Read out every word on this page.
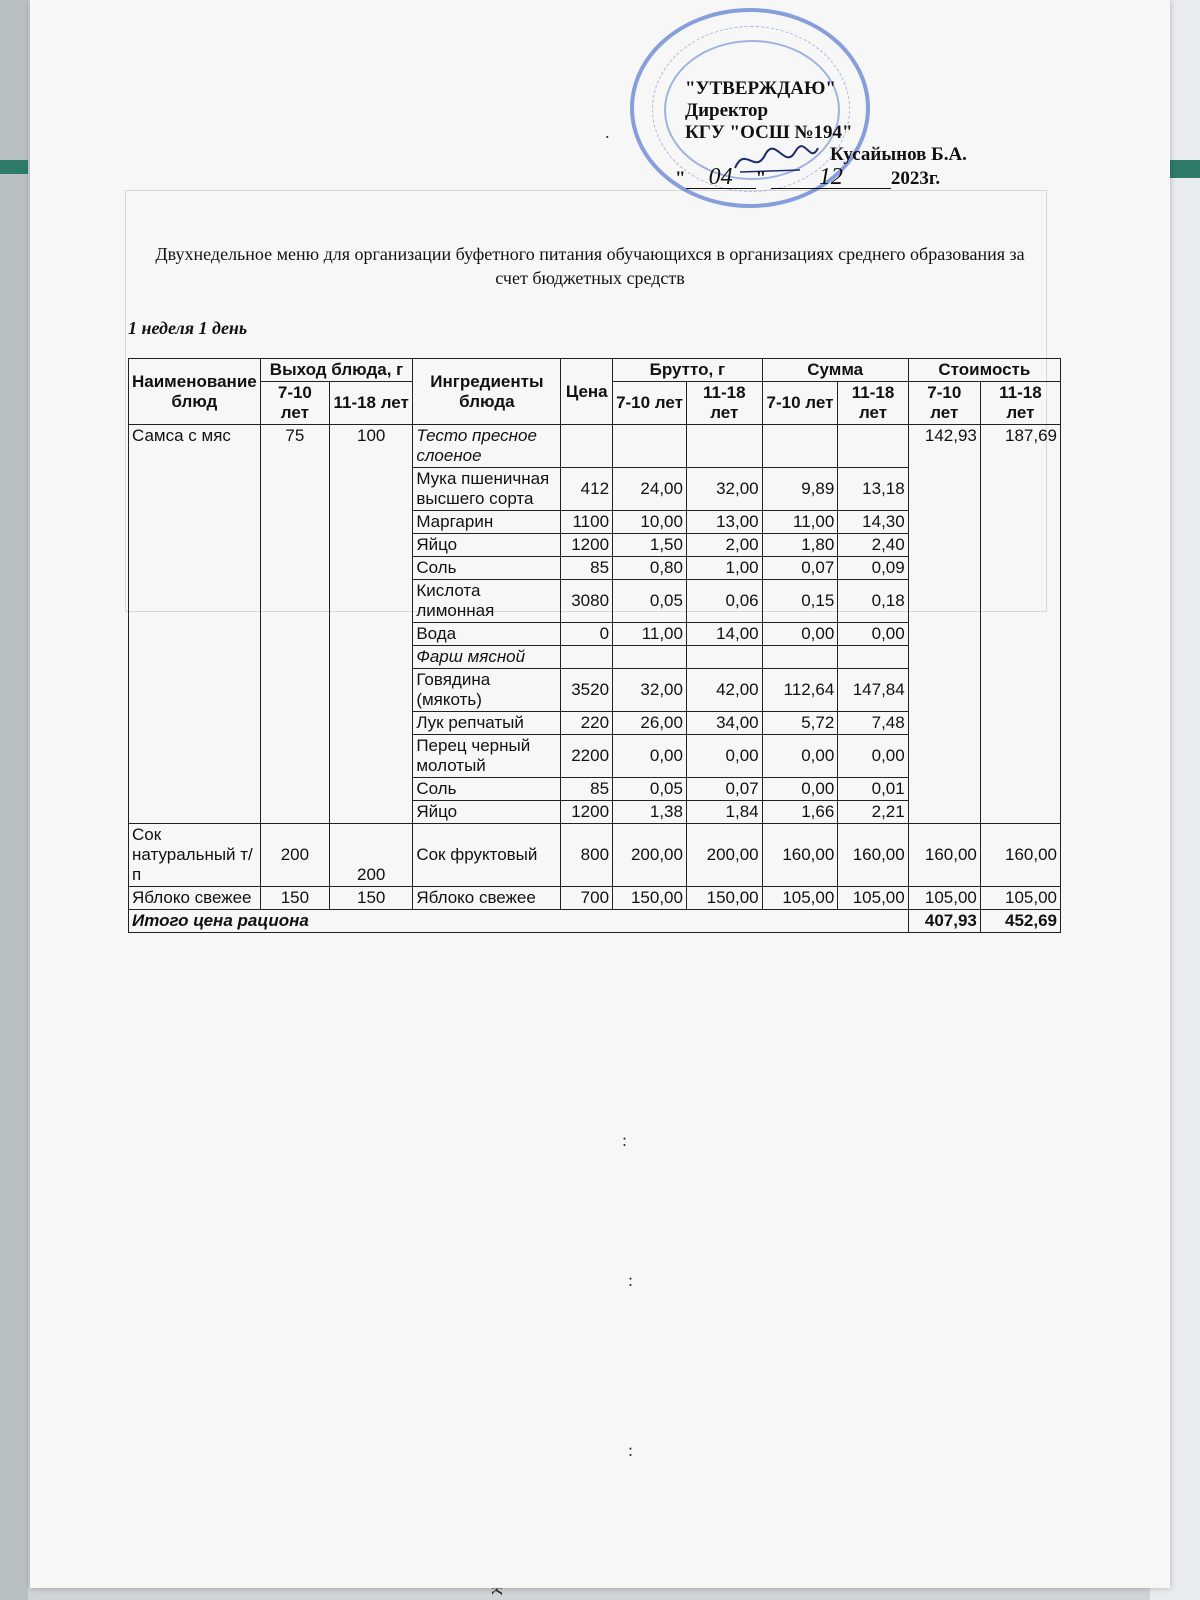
"УТВЕРЖДАЮ"
Директор
КГУ "ОСШ №194"
Кусайынов Б.А.
" 04 " 12	2023г.
Двухнедельное меню для организации буфетного питания обучающихся в организациях среднего образования за счет бюджетных средств
1 неделя 1 день
Наименование блюд	Выход блюда, г		Ингредиенты блюда	Цена	Брутто, г		Сумма		Стоимость	
	7-10 лет	11-18 лет			7-10 лет	11-18 лет	7-10 лет	11-18 лет	7-10 лет	11-18 лет
Самса с мяс	75	100	Тесто пресное слоеное						142,93	187,69
			Мука пшеничная высшего сорта	412	24,00	32,00	9,89	13,18		
			Маргарин	1100	10,00	13,00	11,00	14,30		
			Яйцо	1200	1,50	2,00	1,80	2,40		
			Соль	85	0,80	1,00	0,07	0,09		
			Кислота лимонная	3080	0,05	0,06	0,15	0,18		
			Вода	0	11,00	14,00	0,00	0,00		
			Фарш мясной							
			Говядина (мякоть)	3520	32,00	42,00	112,64	147,84		
			Лук репчатый	220	26,00	34,00	5,72	7,48		
			Перец черный молотый	2200	0,00	0,00	0,00	0,00		
			Соль	85	0,05	0,07	0,00	0,01		
			Яйцо	1200	1,38	1,84	1,66	2,21		
Сок натуральный т/п	200	200	Сок фруктовый	800	200,00	200,00	160,00	160,00	160,00	160,00
Яблоко свежее	150	150	Яблоко свежее	700	150,00	150,00	105,00	105,00	105,00	105,00
Итого цена рациона									407,93	452,69
.
:
:
:
